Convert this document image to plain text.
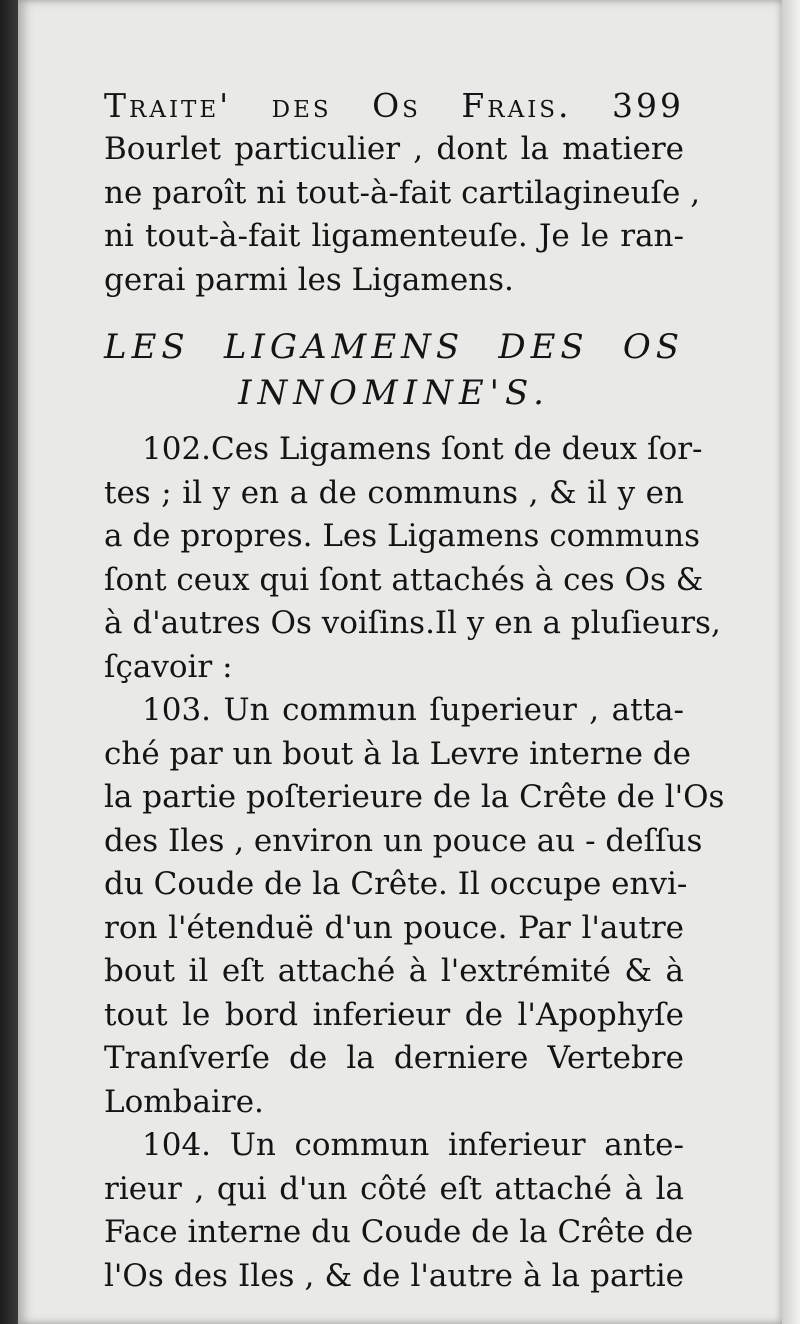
Traite' des Os Frais. 399
Bourlet particulier , dont la matiere
ne paroît ni tout-à-fait cartilagineuſe ,
ni tout-à-fait ligamenteuſe. Je le ran-
gerai parmi les Ligamens.
LES LIGAMENS DES OS
INNOMINE'S.
102.Ces Ligamens ſont de deux ſor-
tes ; il y en a de communs , & il y en
a de propres. Les Ligamens communs
ſont ceux qui ſont attachés à ces Os &
à d'autres Os voiſins.Il y en a pluſieurs,
ſçavoir :
103. Un commun ſuperieur , atta-
ché par un bout à la Levre interne de
la partie poſterieure de la Crête de l'Os
des Iles , environ un pouce au - deſſus
du Coude de la Crête. Il occupe envi-
ron l'étenduë d'un pouce. Par l'autre
bout il eſt attaché à l'extrémité & à
tout le bord inferieur de l'Apophyſe
Tranſverſe de la derniere Vertebre
Lombaire.
104. Un commun inferieur ante-
rieur , qui d'un côté eſt attaché à la
Face interne du Coude de la Crête de
l'Os des Iles , & de l'autre à la partie
